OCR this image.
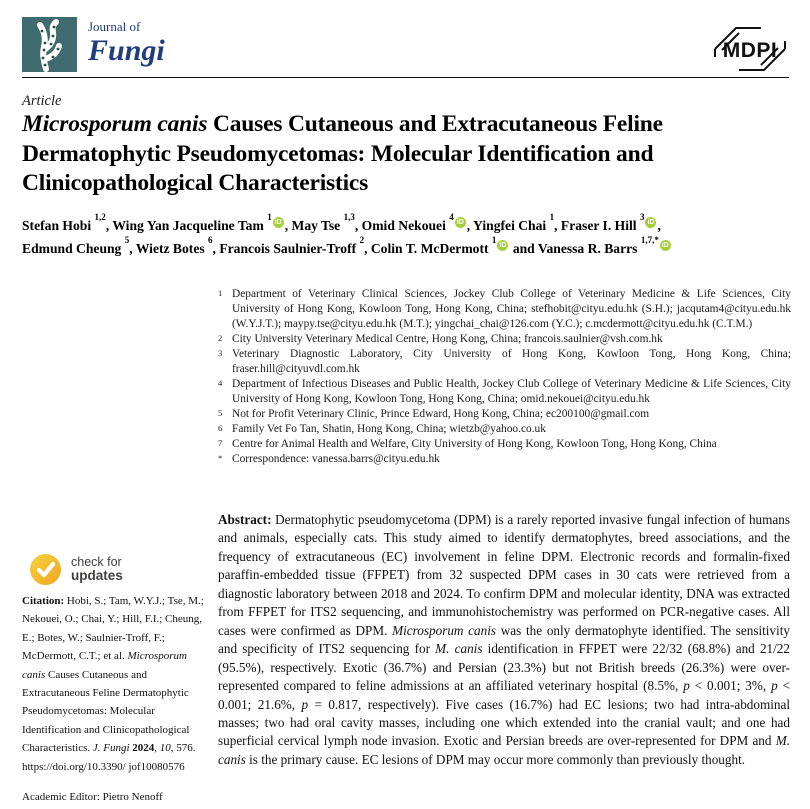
Journal of
Fungi	MDPI
Article
Microsporum canis Causes Cutaneous and Extracutaneous Feline
Dermatophytic Pseudomycetomas: Molecular Identification and
Clinicopathological Characteristics
Stefan Hobi $^{1,2}$, Wing Yan Jacqueline Tam $^1$iD , May Tse $^{1,3}$, Omid Nekouei $^4$iD , Yingfei Chai $^1$, Fraser I. Hill $^3$iD ,
Edmund Cheung $^5$, Wietz Botes $^6$, Francois Saulnier-Troff $^2$, Colin T. McDermott $^1$iD and Vanessa R. Barrs $^{1,7,*}$iD
1 Department of Veterinary Clinical Sciences, Jockey Club College of Veterinary Medicine & Life Sciences, City University of Hong Kong, Kowloon Tong, Hong Kong, China; stefhobit@cityu.edu.hk (S.H.); jacqutam4@cityu.edu.hk (W.Y.J.T.); maypy.tse@cityu.edu.hk (M.T.); yingchai_chai@126.com (Y.C.); c.mcdermott@cityu.edu.hk (C.T.M.)
2 City University Veterinary Medical Centre, Hong Kong, China; francois.saulnier@vsh.com.hk
3 Veterinary Diagnostic Laboratory, City University of Hong Kong, Kowloon Tong, Hong Kong, China; fraser.hill@cityuvdl.com.hk
4 Department of Infectious Diseases and Public Health, Jockey Club College of Veterinary Medicine & Life Sciences, City University of Hong Kong, Kowloon Tong, Hong Kong, China; omid.nekouei@cityu.edu.hk
5 Not for Profit Veterinary Clinic, Prince Edward, Hong Kong, China; ec200100@gmail.com
6 Family Vet Fo Tan, Shatin, Hong Kong, China; wietzb@yahoo.co.uk
7 Centre for Animal Health and Welfare, City University of Hong Kong, Kowloon Tong, Hong Kong, China
* Correspondence: vanessa.barrs@cityu.edu.hk
Abstract: Dermatophytic pseudomycetoma (DPM) is a rarely reported invasive fungal infection of humans and animals, especially cats. This study aimed to identify dermatophytes, breed associations, and the frequency of extracutaneous (EC) involvement in feline DPM. Electronic records and formalin-fixed paraffin-embedded tissue (FFPET) from 32 suspected DPM cases in 30 cats were retrieved from a diagnostic laboratory between 2018 and 2024. To confirm DPM and molecular identity, DNA was extracted from FFPET for ITS2 sequencing, and immunohistochemistry was performed on PCR-negative cases. All cases were confirmed as DPM. Microsporum canis was the only dermatophyte identified. The sensitivity and specificity of ITS2 sequencing for M. canis identification in FFPET were 22/32 (68.8%) and 21/22 (95.5%), respectively. Exotic (36.7%) and Persian (23.3%) but not British breeds (26.3%) were over-represented compared to feline admissions at an affiliated veterinary hospital (8.5%, p < 0.001; 3%, p < 0.001; 21.6%, p = 0.817, respectively). Five cases (16.7%) had EC lesions; two had intra-abdominal masses; two had oral cavity masses, including one which extended into the cranial vault; and one had superficial cervical lymph node invasion. Exotic and Persian breeds are over-represented for DPM and M. canis is the primary cause. EC lesions of DPM may occur more commonly than previously thought.
check for
updates
Citation: Hobi, S.; Tam, W.Y.J.; Tse, M.; Nekouei, O.; Chai, Y.; Hill, F.I.; Cheung, E.; Botes, W.; Saulnier-Troff, F.; McDermott, C.T.; et al. Microsporum canis Causes Cutaneous and Extracutaneous Feline Dermatophytic Pseudomycetomas: Molecular Identification and Clinicopathological Characteristics. J. Fungi 2024, 10, 576. https://doi.org/10.3390/ jof10080576
Academic Editor: Pietro Nenoff
